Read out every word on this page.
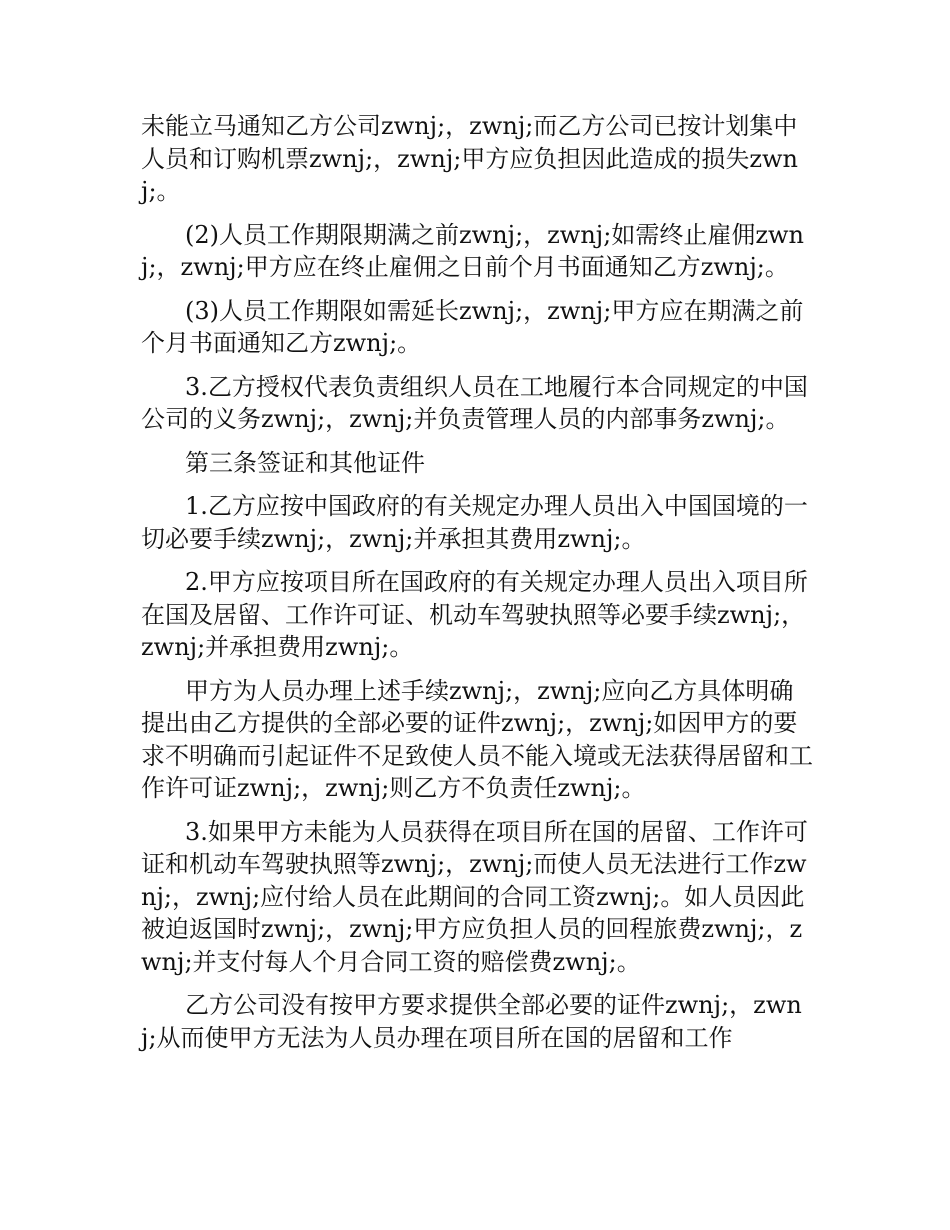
未能立马通知乙方公司zwnj;，zwnj;而乙方公司已按计划集中人员和订购机票zwnj;，zwnj;甲方应负担因此造成的损失zwnj;。

(2)人员工作期限期满之前zwnj;，zwnj;如需终止雇佣zwnj;，zwnj;甲方应在终止雇佣之日前个月书面通知乙方zwnj;。

(3)人员工作期限如需延长zwnj;，zwnj;甲方应在期满之前个月书面通知乙方zwnj;。

3.乙方授权代表负责组织人员在工地履行本合同规定的中国公司的义务zwnj;，zwnj;并负责管理人员的内部事务zwnj;。

第三条签证和其他证件

1.乙方应按中国政府的有关规定办理人员出入中国国境的一切必要手续zwnj;，zwnj;并承担其费用zwnj;。

2.甲方应按项目所在国政府的有关规定办理人员出入项目所在国及居留、工作许可证、机动车驾驶执照等必要手续zwnj;，zwnj;并承担费用zwnj;。

甲方为人员办理上述手续zwnj;，zwnj;应向乙方具体明确提出由乙方提供的全部必要的证件zwnj;，zwnj;如因甲方的要求不明确而引起证件不足致使人员不能入境或无法获得居留和工作许可证zwnj;，zwnj;则乙方不负责任zwnj;。

3.如果甲方未能为人员获得在项目所在国的居留、工作许可证和机动车驾驶执照等zwnj;，zwnj;而使人员无法进行工作zwnj;，zwnj;应付给人员在此期间的合同工资zwnj;。如人员因此被迫返国时zwnj;，zwnj;甲方应负担人员的回程旅费zwnj;，zwnj;并支付每人个月合同工资的赔偿费zwnj;。

乙方公司没有按甲方要求提供全部必要的证件zwnj;，zwnj;从而使甲方无法为人员办理在项目所在国的居留和工作
